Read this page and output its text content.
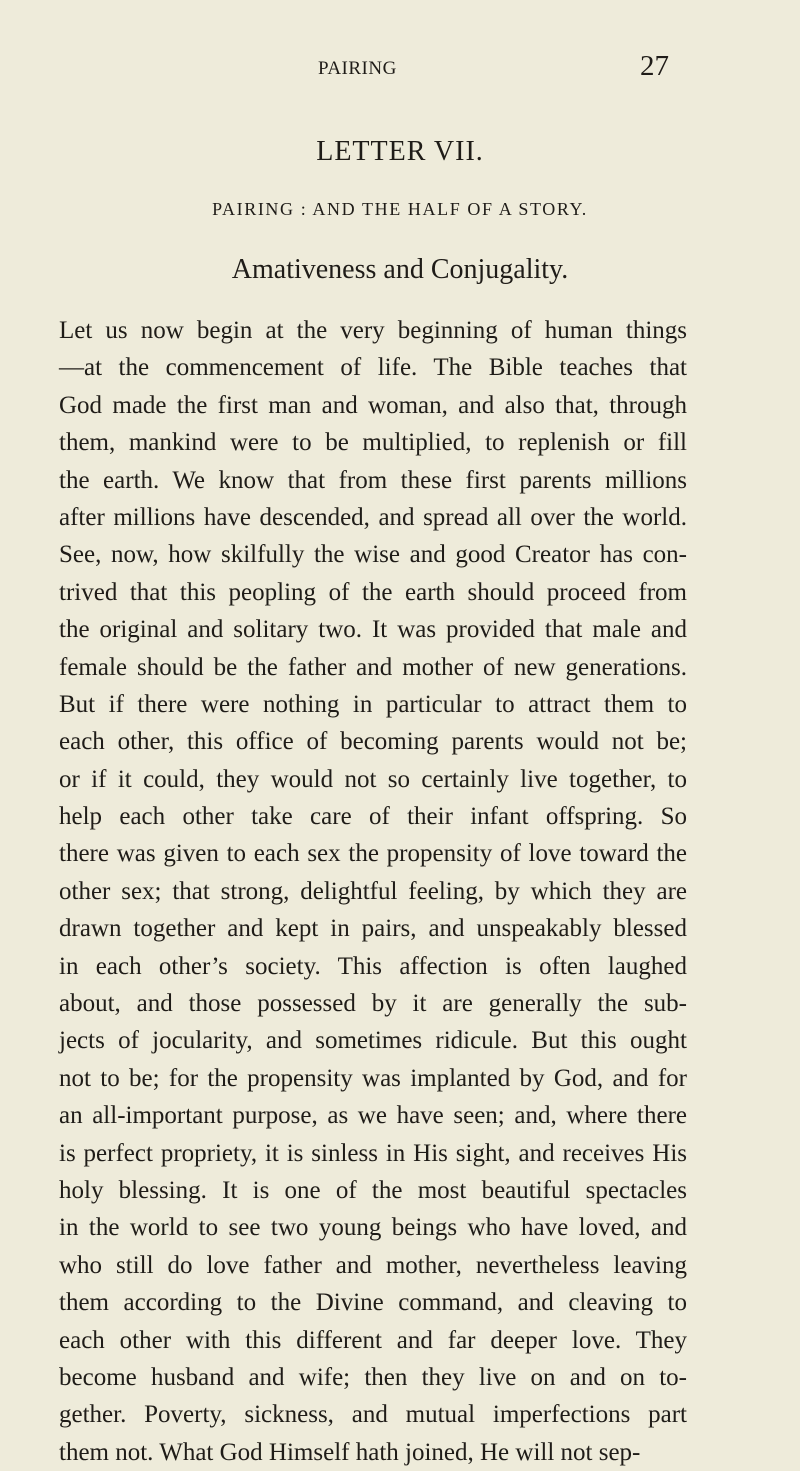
PAIRING	27
LETTER VII.
PAIRING : AND THE HALF OF A STORY.
Amativeness and Conjugality.
Let us now begin at the very beginning of human things
—at the commencement of life. The Bible teaches that
God made the first man and woman, and also that, through
them, mankind were to be multiplied, to replenish or fill
the earth. We know that from these first parents millions
after millions have descended, and spread all over the world.
See, now, how skilfully the wise and good Creator has con-
trived that this peopling of the earth should proceed from
the original and solitary two. It was provided that male and
female should be the father and mother of new generations.
But if there were nothing in particular to attract them to
each other, this office of becoming parents would not be;
or if it could, they would not so certainly live together, to
help each other take care of their infant offspring. So
there was given to each sex the propensity of love toward the
other sex; that strong, delightful feeling, by which they are
drawn together and kept in pairs, and unspeakably blessed
in each other’s society. This affection is often laughed
about, and those possessed by it are generally the sub-
jects of jocularity, and sometimes ridicule. But this ought
not to be; for the propensity was implanted by God, and for
an all-important purpose, as we have seen; and, where there
is perfect propriety, it is sinless in His sight, and receives His
holy blessing. It is one of the most beautiful spectacles
in the world to see two young beings who have loved, and
who still do love father and mother, nevertheless leaving
them according to the Divine command, and cleaving to
each other with this different and far deeper love. They
become husband and wife; then they live on and on to-
gether. Poverty, sickness, and mutual imperfections part
them not. What God Himself hath joined, He will not sep-
